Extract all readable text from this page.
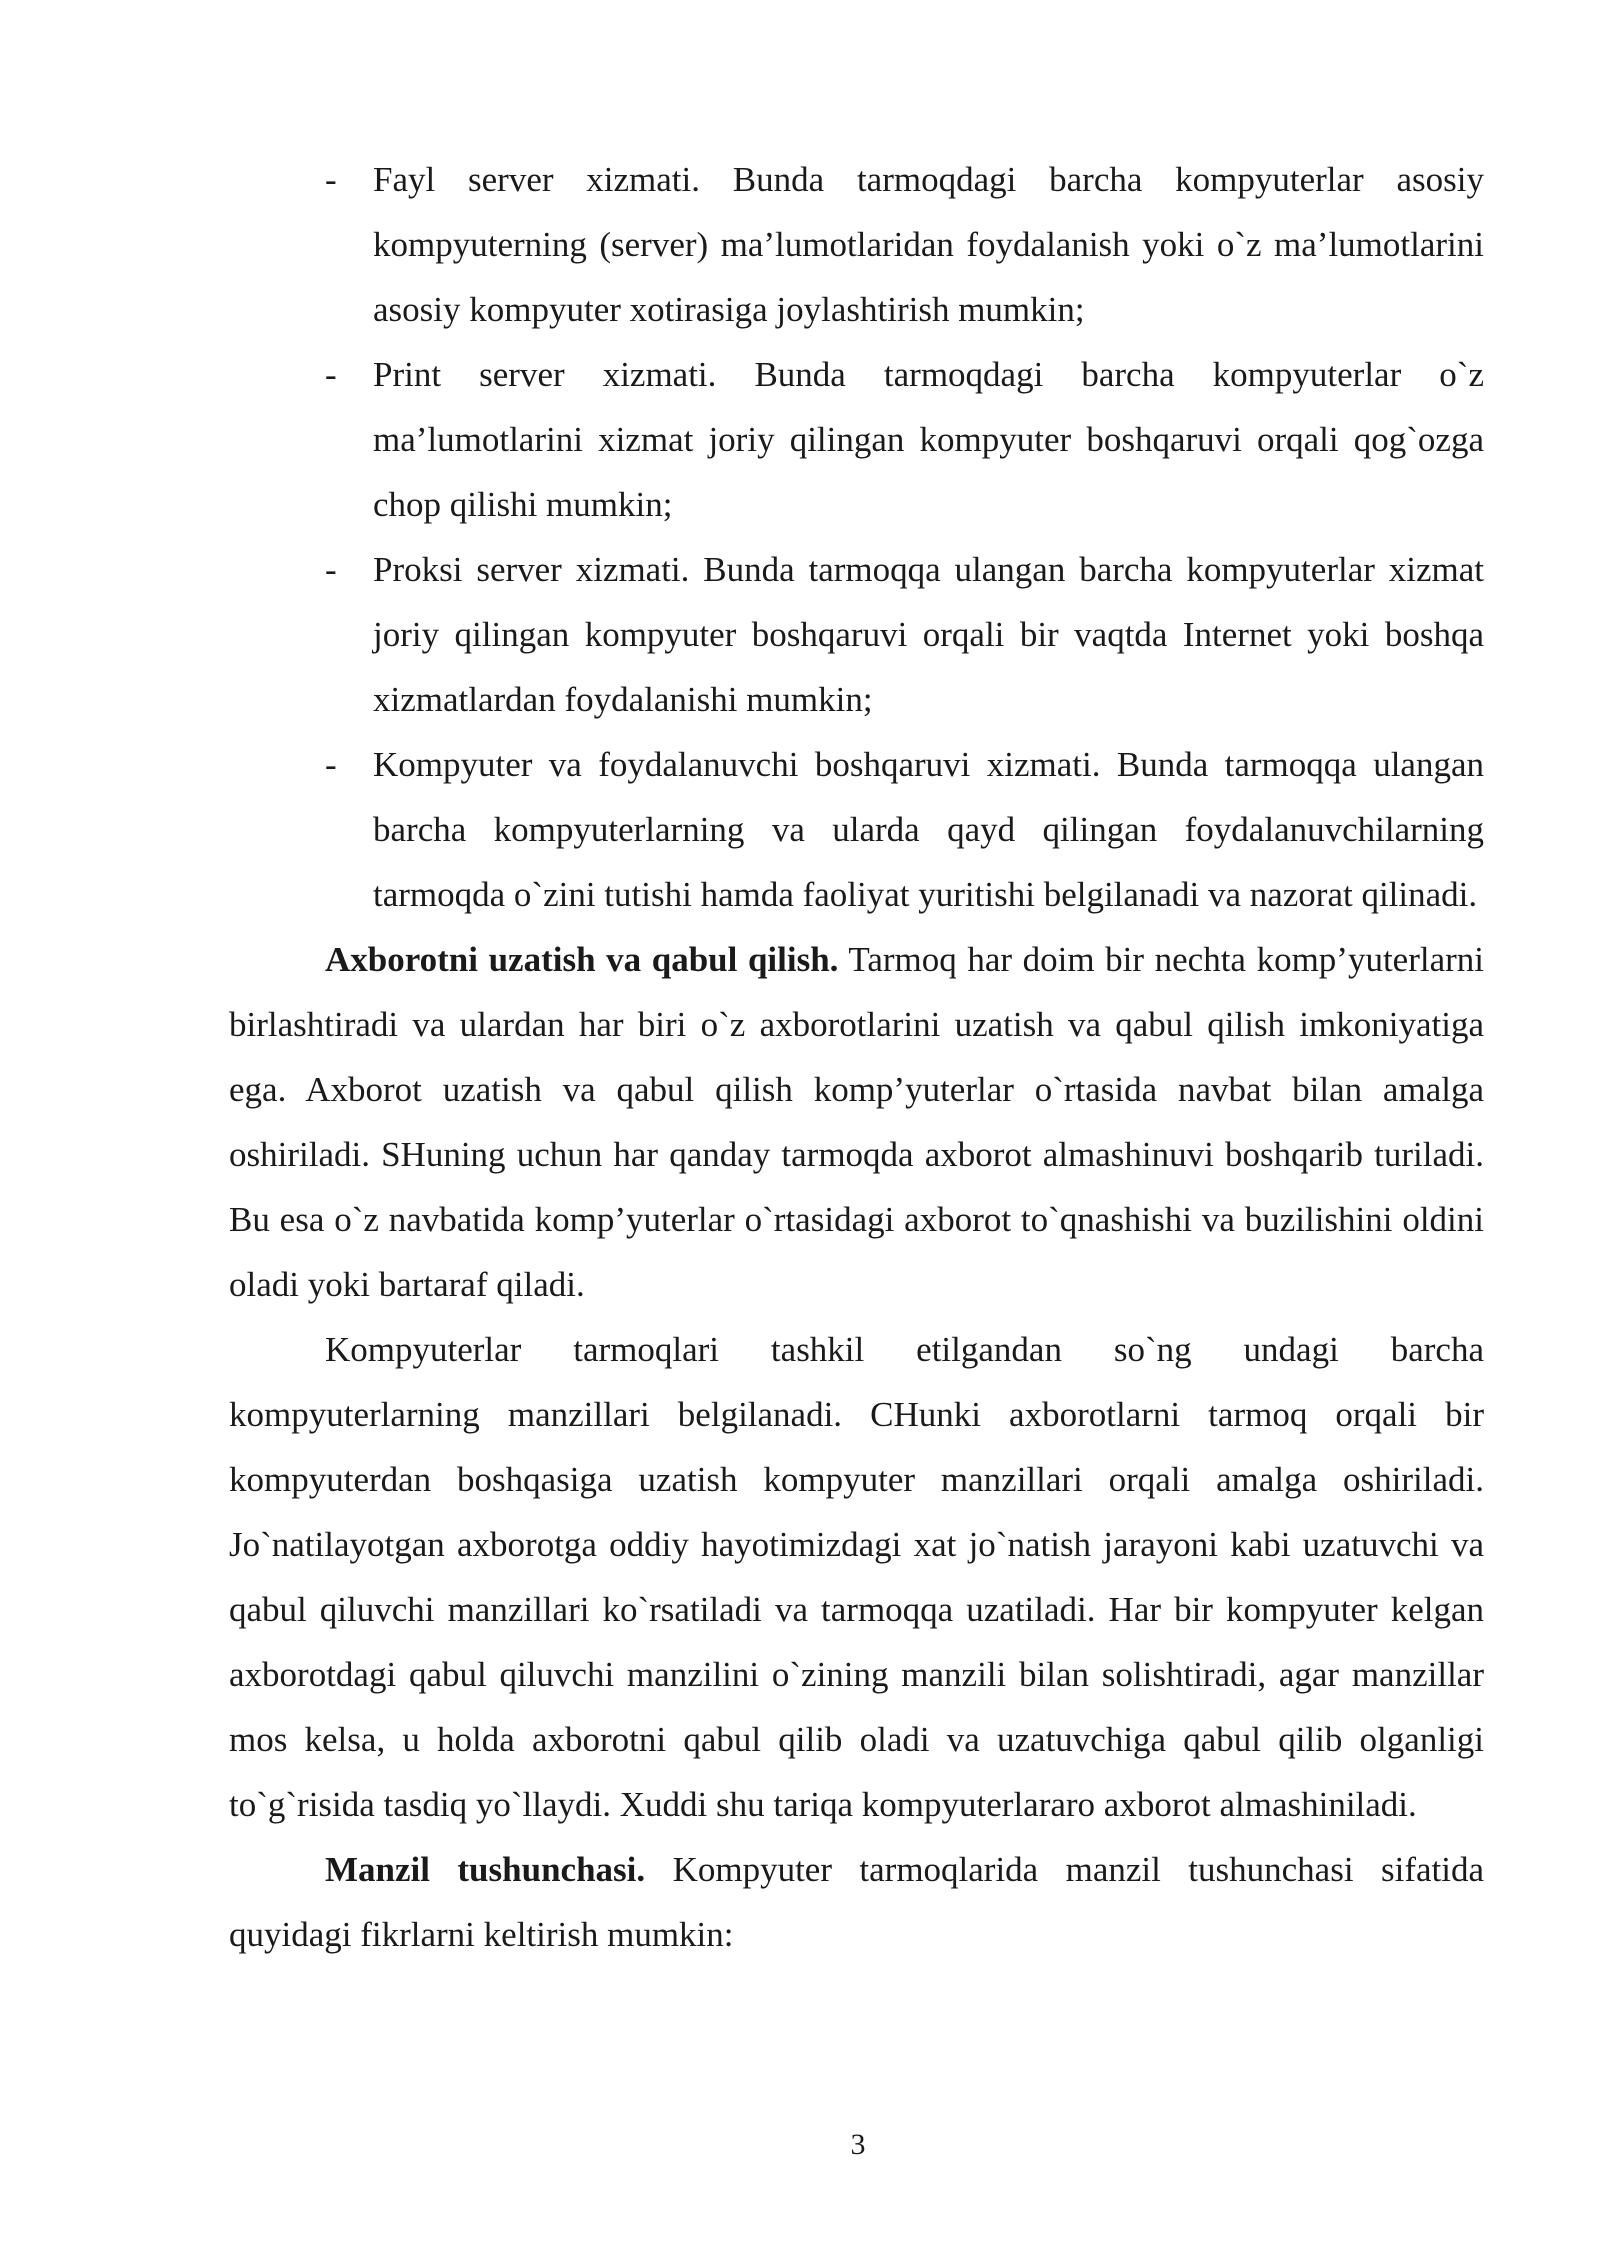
- Fayl server xizmati. Bunda tarmoqdagi barcha kompyuterlar asosiy kompyuterning (server) ma’lumotlaridan foydalanish yoki o`z ma’lumotlarini asosiy kompyuter xotirasiga joylashtirish mumkin;
- Print server xizmati. Bunda tarmoqdagi barcha kompyuterlar o`z ma’lumotlarini xizmat joriy qilingan kompyuter boshqaruvi orqali qog`ozga chop qilishi mumkin;
- Proksi server xizmati. Bunda tarmoqqa ulangan barcha kompyuterlar xizmat joriy qilingan kompyuter boshqaruvi orqali bir vaqtda Internet yoki boshqa xizmatlardan foydalanishi mumkin;
- Kompyuter va foydalanuvchi boshqaruvi xizmati. Bunda tarmoqqa ulangan barcha kompyuterlarning va ularda qayd qilingan foydalanuvchilarning tarmoqda o`zini tutishi hamda faoliyat yuritishi belgilanadi va nazorat qilinadi.

Axborotni uzatish va qabul qilish. Tarmoq har doim bir nechta komp’yuterlarni birlashtiradi va ulardan har biri o`z axborotlarini uzatish va qabul qilish imkoniyatiga ega. Axborot uzatish va qabul qilish komp’yuterlar o`rtasida navbat bilan amalga oshiriladi. SHuning uchun har qanday tarmoqda axborot almashinuvi boshqarib turiladi. Bu esa o`z navbatida komp’yuterlar o`rtasidagi axborot to`qnashishi va buzilishini oldini oladi yoki bartaraf qiladi.

Kompyuterlar tarmoqlari tashkil etilgandan so`ng undagi barcha kompyuterlarning manzillari belgilanadi. CHunki axborotlarni tarmoq orqali bir kompyuterdan boshqasiga uzatish kompyuter manzillari orqali amalga oshiriladi. Jo`natilayotgan axborotga oddiy hayotimizdagi xat jo`natish jarayoni kabi uzatuvchi va qabul qiluvchi manzillari ko`rsatiladi va tarmoqqa uzatiladi. Har bir kompyuter kelgan axborotdagi qabul qiluvchi manzilini o`zining manzili bilan solishtiradi, agar manzillar mos kelsa, u holda axborotni qabul qilib oladi va uzatuvchiga qabul qilib olganligi to`g`risida tasdiq yo`llaydi. Xuddi shu tariqa kompyuterlararo axborot almashiniladi.

Manzil tushunchasi. Kompyuter tarmoqlarida manzil tushunchasi sifatida quyidagi fikrlarni keltirish mumkin:

3
